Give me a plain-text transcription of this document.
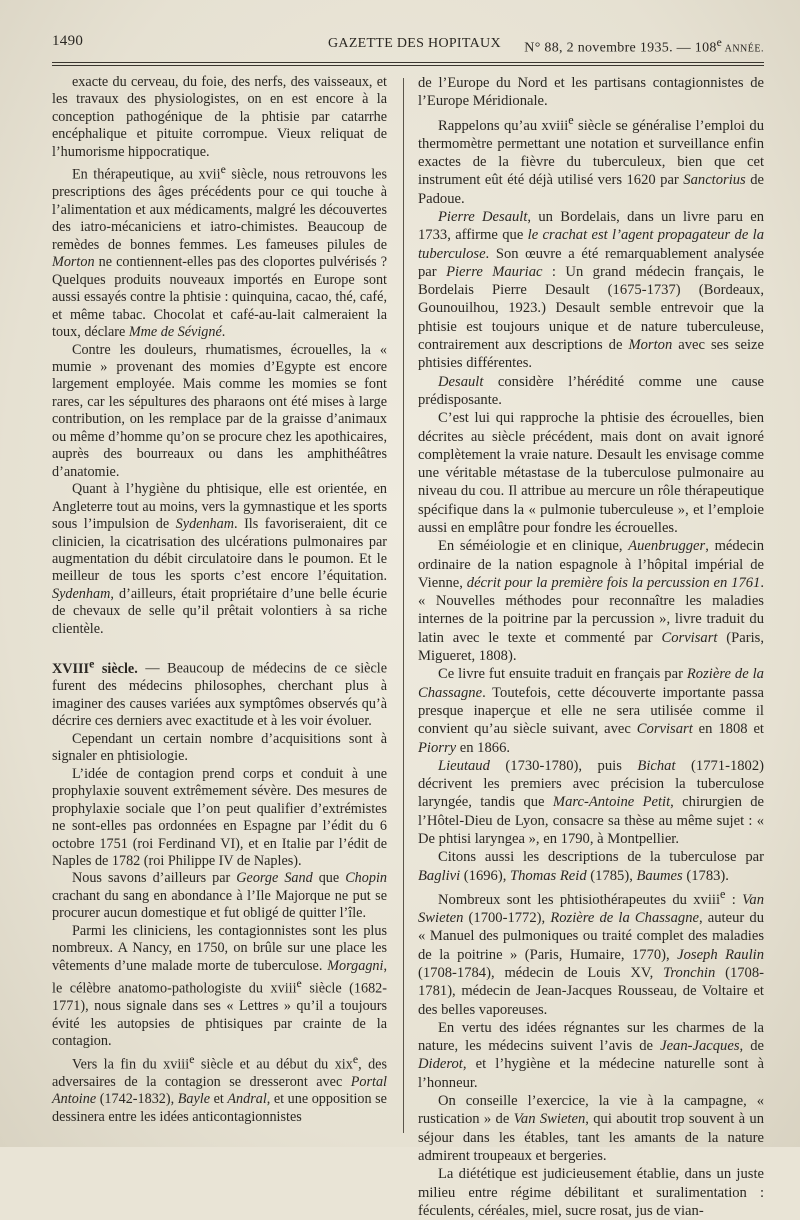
1490	GAZETTE DES HOPITAUX N° 88, 2 novembre 1935. — 108e ANNÉE.

exacte du cerveau, du foie, des nerfs, des vaisseaux, et les travaux des physiologistes, on en est encore à la conception pathogénique de la phtisie par catarrhe encéphalique et pituite corrompue. Vieux reliquat de l’humorisme hippocratique.

En thérapeutique, au xvii$^e$ siècle, nous retrouvons les prescriptions des âges précédents pour ce qui touche à l’alimentation et aux médicaments, malgré les découvertes des iatro-mécaniciens et iatro-chimistes. Beaucoup de remèdes de bonnes femmes. Les fameuses pilules de Morton ne contiennent-elles pas des cloportes pulvérisés ? Quelques produits nouveaux importés en Europe sont aussi essayés contre la phtisie : quinquina, cacao, thé, café, et même tabac. Chocolat et café-au-lait calmeraient la toux, déclare Mme de Sévigné.

Contre les douleurs, rhumatismes, écrouelles, la « mumie » provenant des momies d’Egypte est encore largement employée. Mais comme les momies se font rares, car les sépultures des pharaons ont été mises à large contribution, on les remplace par de la graisse d’animaux ou même d’homme qu’on se procure chez les apothicaires, auprès des bourreaux ou dans les amphithéâtres d’anatomie.

Quant à l’hygiène du phtisique, elle est orientée, en Angleterre tout au moins, vers la gymnastique et les sports sous l’impulsion de Sydenham. Ils favoriseraient, dit ce clinicien, la cicatrisation des ulcérations pulmonaires par augmentation du débit circulatoire dans le poumon. Et le meilleur de tous les sports c’est encore l’équitation. Sydenham, d’ailleurs, était propriétaire d’une belle écurie de chevaux de selle qu’il prêtait volontiers à sa riche clientèle.

XVIIIe siècle. — Beaucoup de médecins de ce siècle furent des médecins philosophes, cherchant plus à imaginer des causes variées aux symptômes observés qu’à décrire ces derniers avec exactitude et à les voir évoluer.

Cependant un certain nombre d’acquisitions sont à signaler en phtisiologie.

L’idée de contagion prend corps et conduit à une prophylaxie souvent extrêmement sévère. Des mesures de prophylaxie sociale que l’on peut qualifier d’extrémistes ne sont-elles pas ordonnées en Espagne par l’édit du 6 octobre 1751 (roi Ferdinand VI), et en Italie par l’édit de Naples de 1782 (roi Philippe IV de Naples).

Nous savons d’ailleurs par George Sand que Chopin crachant du sang en abondance à l’Ile Majorque ne put se procurer aucun domestique et fut obligé de quitter l’île.

Parmi les cliniciens, les contagionnistes sont les plus nombreux. A Nancy, en 1750, on brûle sur une place les vêtements d’une malade morte de tuberculose. Morgagni, le célèbre anatomo-pathologiste du xviii$^e$ siècle (1682-1771), nous signale dans ses « Lettres » qu’il a toujours évité les autopsies de phtisiques par crainte de la contagion.

Vers la fin du xviii$^e$ siècle et au début du xix$^e$, des adversaires de la contagion se dresseront avec Portal Antoine (1742-1832), Bayle et Andral, et une opposition se dessinera entre les idées anticontagionnistes

de l’Europe du Nord et les partisans contagionnistes de l’Europe Méridionale.

Rappelons qu’au xviii$^e$ siècle se généralise l’emploi du thermomètre permettant une notation et surveillance enfin exactes de la fièvre du tuberculeux, bien que cet instrument eût été déjà utilisé vers 1620 par Sanctorius de Padoue.

Pierre Desault, un Bordelais, dans un livre paru en 1733, affirme que le crachat est l’agent propagateur de la tuberculose. Son œuvre a été remarquablement analysée par Pierre Mauriac : Un grand médecin français, le Bordelais Pierre Desault (1675-1737) (Bordeaux, Gounouilhou, 1923.) Desault semble entrevoir que la phtisie est toujours unique et de nature tuberculeuse, contrairement aux descriptions de Morton avec ses seize phtisies différentes.

Desault considère l’hérédité comme une cause prédisposante.

C’est lui qui rapproche la phtisie des écrouelles, bien décrites au siècle précédent, mais dont on avait ignoré complètement la vraie nature. Desault les envisage comme une véritable métastase de la tuberculose pulmonaire au niveau du cou. Il attribue au mercure un rôle thérapeutique spécifique dans la « pulmonie tuberculeuse », et l’emploie aussi en emplâtre pour fondre les écrouelles.

En séméiologie et en clinique, Auenbrugger, médecin ordinaire de la nation espagnole à l’hôpital impérial de Vienne, décrit pour la première fois la percussion en 1761. « Nouvelles méthodes pour reconnaître les maladies internes de la poitrine par la percussion », livre traduit du latin avec le texte et commenté par Corvisart (Paris, Migueret, 1808).

Ce livre fut ensuite traduit en français par Rozière de la Chassagne. Toutefois, cette découverte importante passa presque inaperçue et elle ne sera utilisée comme il convient qu’au siècle suivant, avec Corvisart en 1808 et Piorry en 1866.

Lieutaud (1730-1780), puis Bichat (1771-1802) décrivent les premiers avec précision la tuberculose laryngée, tandis que Marc-Antoine Petit, chirurgien de l’Hôtel-Dieu de Lyon, consacre sa thèse au même sujet : « De phtisi laryngea », en 1790, à Montpellier.

Citons aussi les descriptions de la tuberculose par Baglivi (1696), Thomas Reid (1785), Baumes (1783).

Nombreux sont les phtisiothérapeutes du xviii$^e$ : Van Swieten (1700-1772), Rozière de la Chassagne, auteur du « Manuel des pulmoniques ou traité complet des maladies de la poitrine » (Paris, Humaire, 1770), Joseph Raulin (1708-1784), médecin de Louis XV, Tronchin (1708-1781), médecin de Jean-Jacques Rousseau, de Voltaire et des belles vaporeuses.

En vertu des idées régnantes sur les charmes de la nature, les médecins suivent l’avis de Jean-Jacques, de Diderot, et l’hygiène et la médecine naturelle sont à l’honneur.

On conseille l’exercice, la vie à la campagne, « rustication » de Van Swieten, qui aboutit trop souvent à un séjour dans les étables, tant les amants de la nature admirent troupeaux et bergeries.

La diététique est judicieusement établie, dans un juste milieu entre régime débilitant et suralimentation : féculents, céréales, miel, sucre rosat, jus de vian-
